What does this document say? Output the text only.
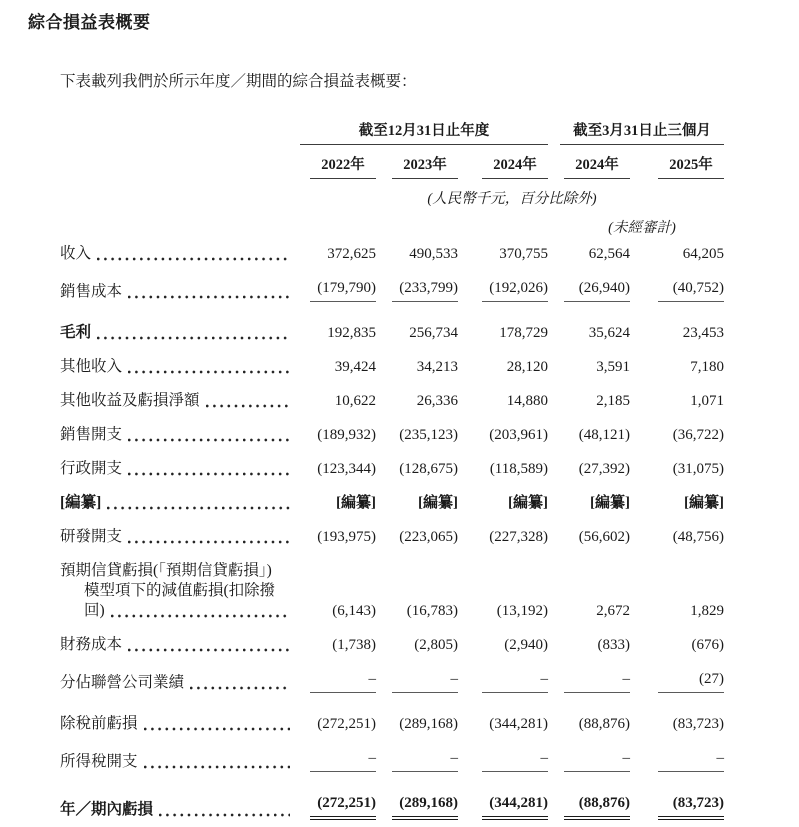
綜合損益表概要

下表載列我們於所示年度／期間的綜合損益表概要：

	截至12月31日止年度				截至3月31日止三個月	
	2022年	2023年	2024年		2024年	2025年
	(人民幣千元，百分比除外)					
					(未經審計)	

收入	372,625	490,533	370,755		62,564	64,205

銷售成本	(179,790)	(233,799)	(192,026)		(26,940)	(40,752)

毛利	192,835	256,734	178,729		35,624	23,453

其他收入	39,424	34,213	28,120		3,591	7,180

其他收益及虧損淨額	10,622	26,336	14,880		2,185	1,071

銷售開支	(189,932)	(235,123)	(203,961)		(48,121)	(36,722)

行政開支	(123,344)	(128,675)	(118,589)		(27,392)	(31,075)

[編纂]	[編纂]	[編纂]	[編纂]		[編纂]	[編纂]

研發開支	(193,975)	(223,065)	(227,328)		(56,602)	(48,756)

預期信貸虧損(「預期信貸虧損」)
模型項下的減值虧損(扣除撥
回)	(6,143)	(16,783)	(13,192)		2,672	1,829

財務成本	(1,738)	(2,805)	(2,940)		(833)	(676)

分佔聯營公司業績	–	–	–		–	(27)

除稅前虧損	(272,251)	(289,168)	(344,281)		(88,876)	(83,723)

所得稅開支	–	–	–		–	–

年／期內虧損	(272,251)	(289,168)	(344,281)		(88,876)	(83,723)
